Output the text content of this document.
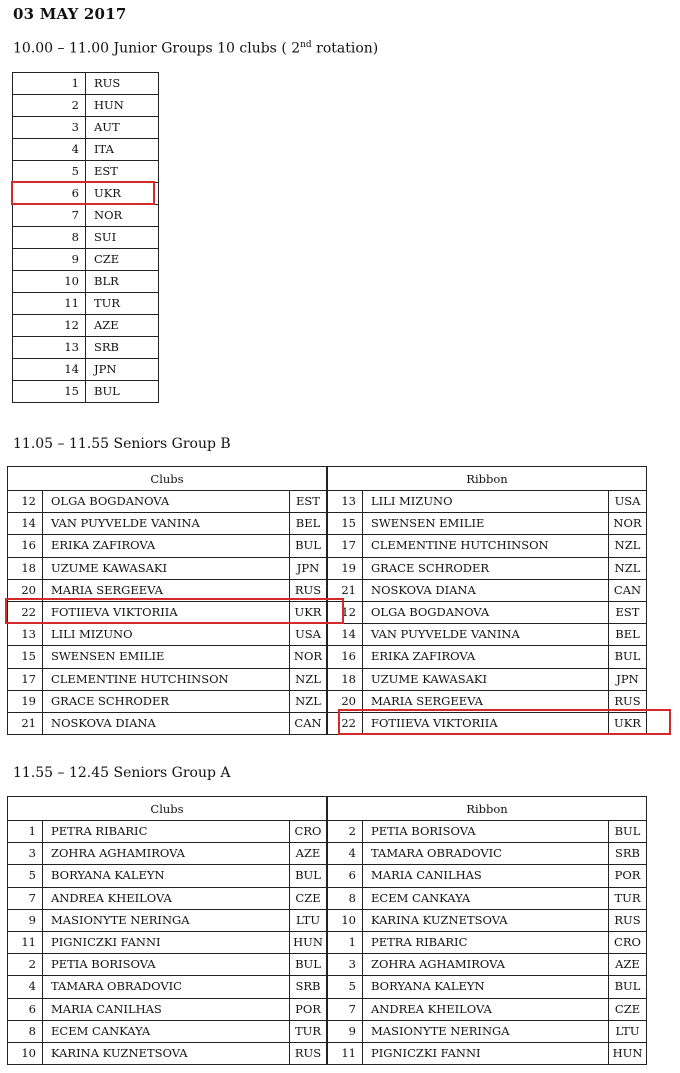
03 MAY 2017
10.00 – 11.00 Junior Groups 10 clubs ( 2nd rotation)
1	RUS
2	HUN
3	AUT
4	ITA
5	EST
6	UKR
7	NOR
8	SUI
9	CZE
10	BLR
11	TUR
12	AZE
13	SRB
14	JPN
15	BUL
11.05 – 11.55 Seniors Group B
Clubs			Ribbon		
12	OLGA BOGDANOVA	EST	13	LILI MIZUNO	USA
14	VAN PUYVELDE VANINA	BEL	15	SWENSEN EMILIE	NOR
16	ERIKA ZAFIROVA	BUL	17	CLEMENTINE HUTCHINSON	NZL
18	UZUME KAWASAKI	JPN	19	GRACE SCHRODER	NZL
20	MARIA SERGEEVA	RUS	21	NOSKOVA DIANA	CAN
22	FOTIIEVA VIKTORIIA	UKR	12	OLGA BOGDANOVA	EST
13	LILI MIZUNO	USA	14	VAN PUYVELDE VANINA	BEL
15	SWENSEN EMILIE	NOR	16	ERIKA ZAFIROVA	BUL
17	CLEMENTINE HUTCHINSON	NZL	18	UZUME KAWASAKI	JPN
19	GRACE SCHRODER	NZL	20	MARIA SERGEEVA	RUS
21	NOSKOVA DIANA	CAN	22	FOTIIEVA VIKTORIIA	UKR
11.55 – 12.45 Seniors Group A
Clubs			Ribbon		
1	PETRA RIBARIC	CRO	2	PETIA BORISOVA	BUL
3	ZOHRA AGHAMIROVA	AZE	4	TAMARA OBRADOVIC	SRB
5	BORYANA KALEYN	BUL	6	MARIA CANILHAS	POR
7	ANDREA KHEILOVA	CZE	8	ECEM CANKAYA	TUR
9	MASIONYTE NERINGA	LTU	10	KARINA KUZNETSOVA	RUS
11	PIGNICZKI FANNI	HUN	1	PETRA RIBARIC	CRO
2	PETIA BORISOVA	BUL	3	ZOHRA AGHAMIROVA	AZE
4	TAMARA OBRADOVIC	SRB	5	BORYANA KALEYN	BUL
6	MARIA CANILHAS	POR	7	ANDREA KHEILOVA	CZE
8	ECEM CANKAYA	TUR	9	MASIONYTE NERINGA	LTU
10	KARINA KUZNETSOVA	RUS	11	PIGNICZKI FANNI	HUN
